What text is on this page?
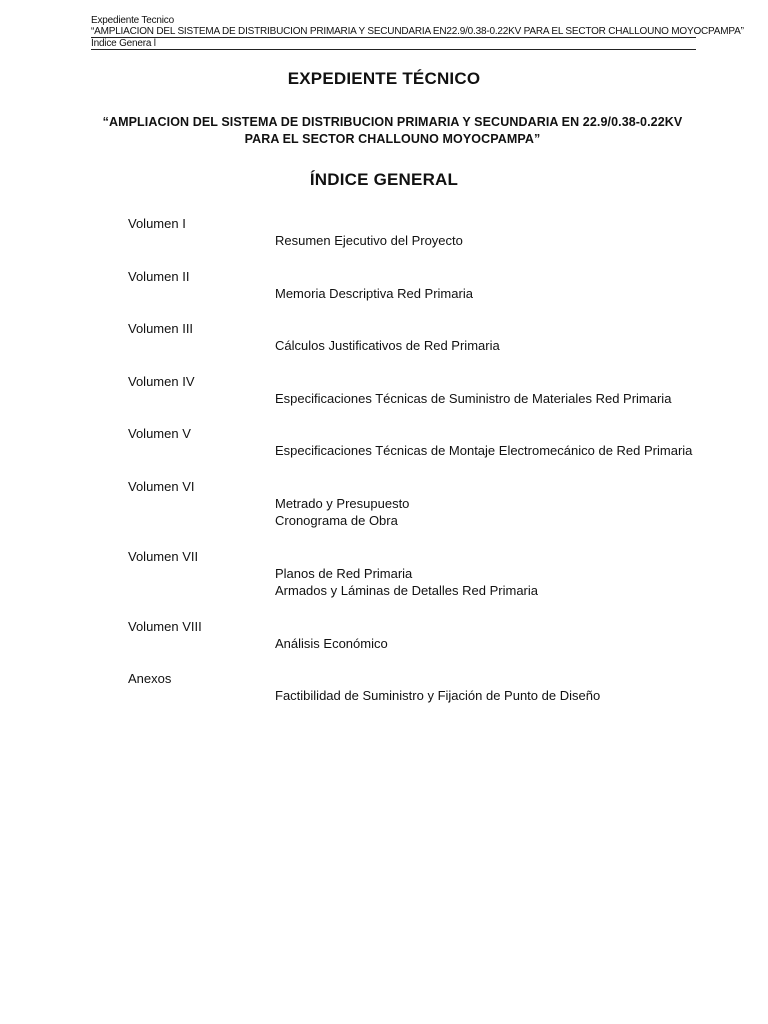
Expediente Tecnico
“AMPLIACION DEL SISTEMA DE DISTRIBUCION PRIMARIA Y SECUNDARIA EN22.9/0.38-0.22KV PARA EL SECTOR CHALLOUNO MOYOCPAMPA”
Índice Genera l
EXPEDIENTE TÉCNICO
“AMPLIACION DEL SISTEMA DE DISTRIBUCION PRIMARIA Y SECUNDARIA EN 22.9/0.38-0.22KV
PARA EL SECTOR CHALLOUNO MOYOCPAMPA”
ÍNDICE GENERAL
Volumen I
Resumen Ejecutivo del Proyecto
Volumen II
Memoria Descriptiva Red Primaria
Volumen III
Cálculos Justificativos de Red Primaria
Volumen IV
Especificaciones Técnicas de Suministro de Materiales Red Primaria
Volumen V
Especificaciones Técnicas de Montaje Electromecánico de Red Primaria
Volumen VI
Metrado y Presupuesto
Cronograma de Obra
Volumen VII
Planos de Red Primaria
Armados y Láminas de Detalles Red Primaria
Volumen VIII
Análisis Económico
Anexos
Factibilidad de Suministro y Fijación de Punto de Diseño
